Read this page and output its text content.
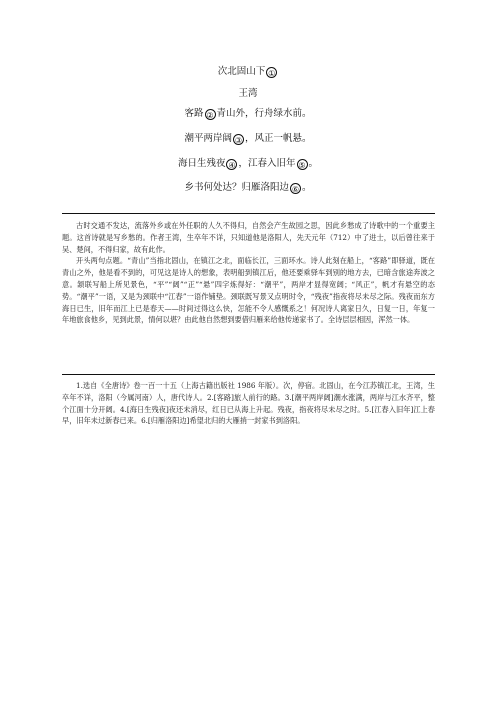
次北固山下 ①
王湾
客路 ② 青山外，行舟绿水前。
潮平两岸阔 ③ ，风正一帆悬。
海日生残夜 ④ ，江春入旧年 ⑤ 。
乡书何处达？归雁洛阳边 ⑥ 。

古时交通不发达，流落外乡或在外任职的人久不得归，自然会产生故园之思，因此乡愁成了诗歌中的一个重要主题。这首诗就是写乡愁的。作者王湾，生卒年不详，只知道他是洛阳人，先天元年（712）中了进士，以后曾往来于吴、楚间，不得归家，故有此作。

开头两句点题。“青山”当指北固山，在镇江之北，面临长江，三面环水。诗人此刻在船上，“客路”即驿道，既在青山之外，他是看不到的，可见这是诗人的想象，表明船到镇江后，他还要乘驿车到别的地方去，已暗含旅途奔波之意。颔联写船上所见景色，“平”“阔”“正”“悬”四字炼得好：“潮平”，两岸才显得宽阔；“风正”，帆才有悬空的态势。“潮平”一语，又是为颈联中“江春”一语作铺垫。颈联既写景又点明时令，“残夜”指夜将尽未尽之际。残夜而东方海日已生，旧年而江上已是春天——时间过得这么快，怎能不令人感慨系之！何况诗人离家日久，日复一日，年复一年地旅食他乡，见到此景，情何以堪？由此他自然想到要借归雁来给他传递家书了。全诗层层相因，浑然一体。

1.选自《全唐诗》卷一百一十五（上海古籍出版社 1986 年版）。次，停宿。北固山，在今江苏镇江北，王湾，生卒年不详，洛阳（今属河南）人，唐代诗人。2.[客路]旅人前行的路。3.[潮平两岸阔]潮水涨满，两岸与江水齐平，整个江面十分开阔。4.[海日生残夜]夜还未消尽，红日已从海上升起。残夜，指夜将尽未尽之时。5.[江春入旧年]江上春早，旧年未过新春已来。6.[归雁洛阳边]希望北归的大雁捎一封家书到洛阳。
